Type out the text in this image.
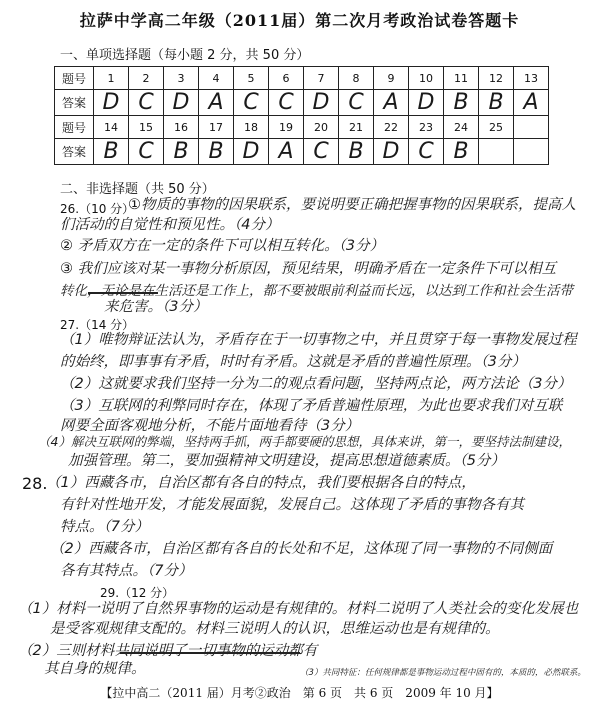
拉萨中学高二年级（2011届）第二次月考政治试卷答题卡
一、单项选择题（每小题 2 分，共 50 分）
题号	1	2	3	4	5	6	7	8	9	10	11	12	13
答案	D	C	D	A	C	C	D	C	A	D	B	B	A
题号	14	15	16	17	18	19	20	21	22	23	24	25	
答案	B	C	B	B	D	A	C	B	D	C	B		
二、非选择题（共 50 分）
26.（10 分）
①物质的事物的因果联系，要说明要正确把握事物的因果联系，提高人
们活动的自觉性和预见性。（4分）
② 矛盾双方在一定的条件下可以相互转化。（3分）
③ 我们应该对某一事物分析原因，预见结果，明确矛盾在一定条件下可以相互
转化，无论是在生活还是工作上，都不要被眼前利益而长远，以达到工作和社会生活带
来危害。（3分）
27.（14 分）
（1）唯物辩证法认为，矛盾存在于一切事物之中，并且贯穿于每一事物发展过程
的始终，即事事有矛盾，时时有矛盾。这就是矛盾的普遍性原理。（3分）
（2）这就要求我们坚持一分为二的观点看问题，坚持两点论，两方法论（3分）
（3）互联网的利弊同时存在，体现了矛盾普遍性原理，为此也要求我们对互联
网要全面客观地分析，不能片面地看待（3分）
（4）解决互联网的弊端，坚持两手抓，两手都要硬的思想，具体来讲，第一，要坚持法制建设，
加强管理。第二，要加强精神文明建设，提高思想道德素质。（5分）
28.
（1）西藏各市，自治区都有各自的特点，我们要根据各自的特点，
有针对性地开发，才能发展面貌，发展自己。这体现了矛盾的事物各有其
特点。（7分）
（2）西藏各市，自治区都有各自的长处和不足，这体现了同一事物的不同侧面
各有其特点。（7分）
29.（12 分）
（1）材料一说明了自然界事物的运动是有规律的。材料二说明了人类社会的变化发展也
是受客观规律支配的。材料三说明人的认识，思维运动也是有规律的。
（2）三则材料共同说明了一切事物的运动都有
其自身的规律。	（3）共同特征：任何规律都是事物运动过程中固有的，本质的，必然联系。
【拉中高二（2011 届）月考②政治　第 6 页　共 6 页　2009 年 10 月】
